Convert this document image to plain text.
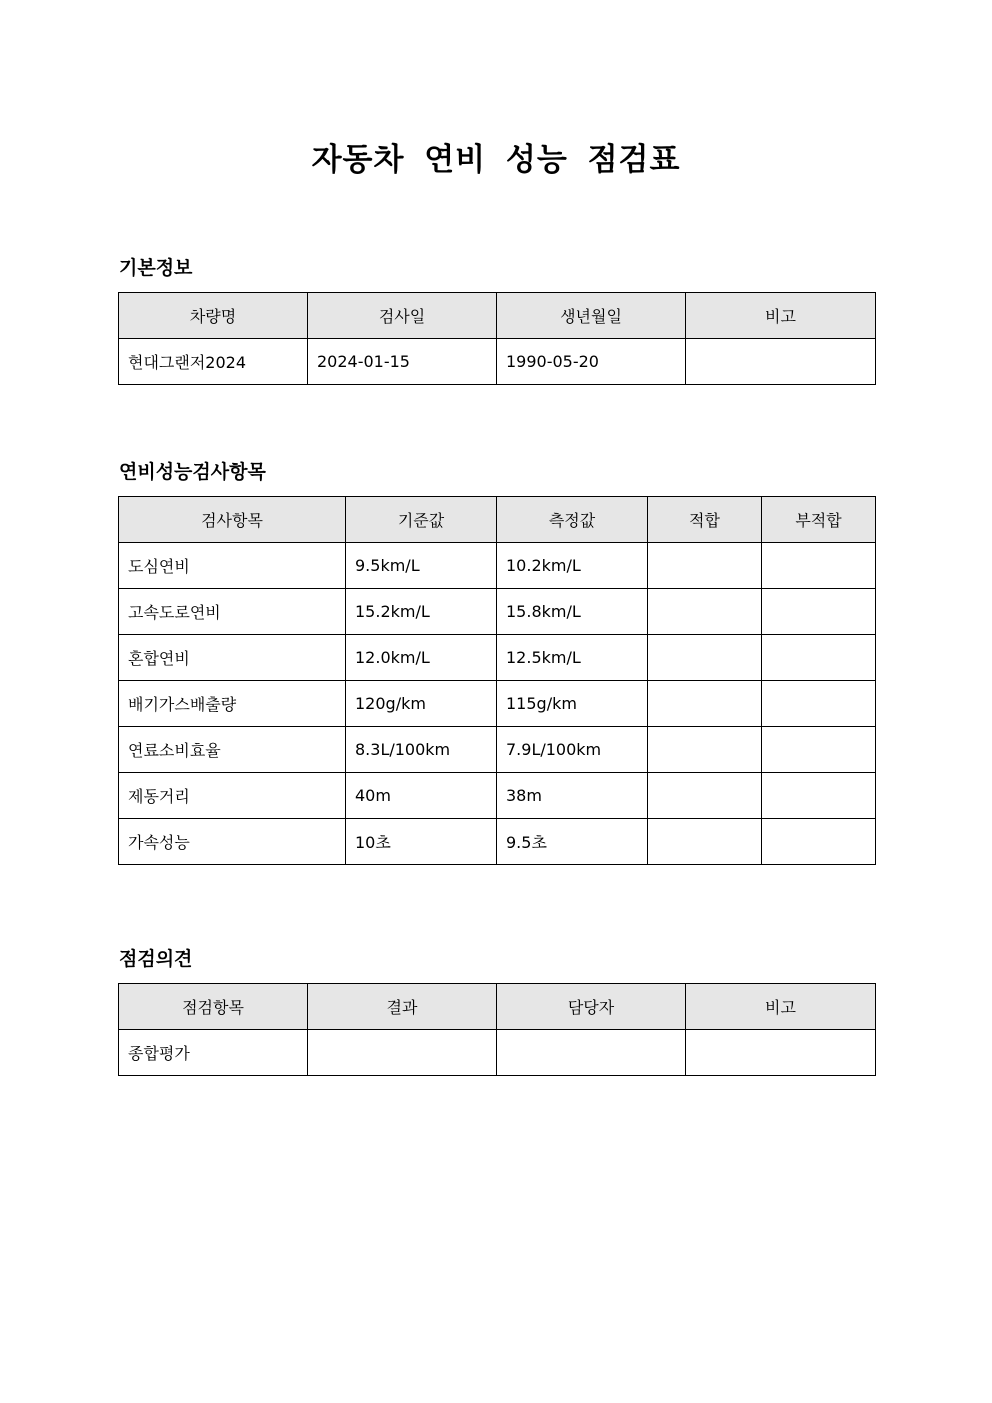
자동차 연비 성능 점검표
기본정보
차량명	검사일	생년월일	비고
현대그랜저2024	2024-01-15	1990-05-20	
연비성능검사항목
검사항목	기준값	측정값	적합	부적합
도심연비	9.5km/L	10.2km/L		
고속도로연비	15.2km/L	15.8km/L		
혼합연비	12.0km/L	12.5km/L		
배기가스배출량	120g/km	115g/km		
연료소비효율	8.3L/100km	7.9L/100km		
제동거리	40m	38m		
가속성능	10초	9.5초		
점검의견
점검항목	결과	담당자	비고
종합평가			
